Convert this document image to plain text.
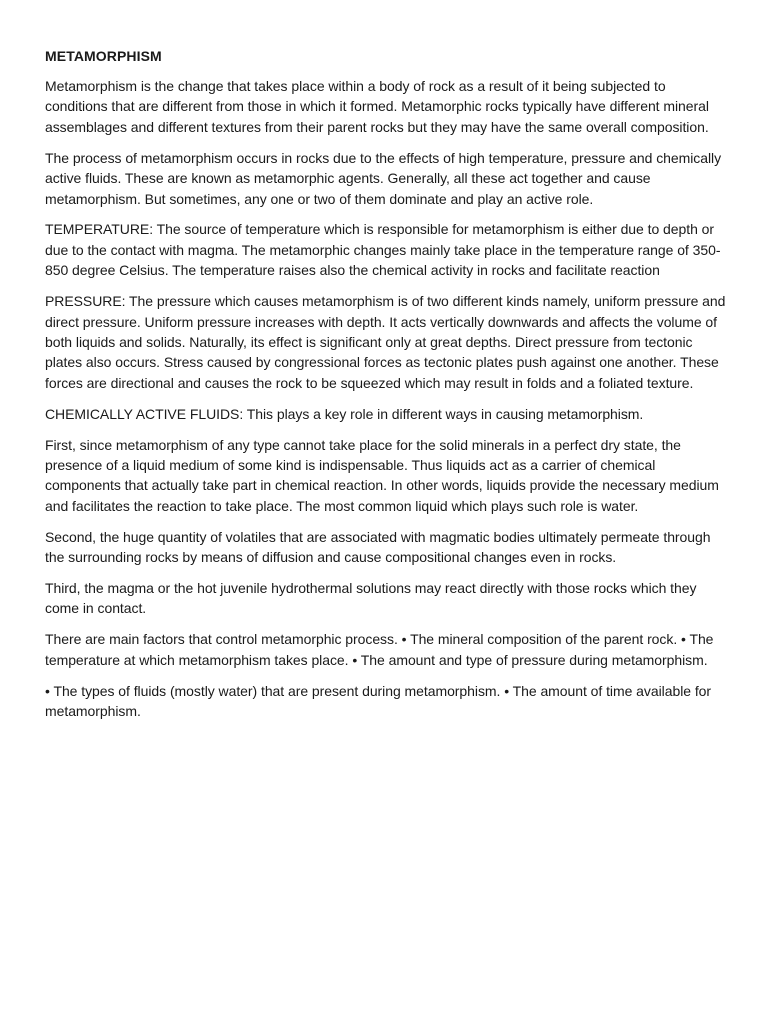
METAMORPHISM

Metamorphism is the change that takes place within a body of rock as a result of it being subjected to conditions that are different from those in which it formed. Metamorphic rocks typically have different mineral assemblages and different textures from their parent rocks but they may have the same overall composition.

The process of metamorphism occurs in rocks due to the effects of high temperature, pressure and chemically active fluids. These are known as metamorphic agents. Generally, all these act together and cause metamorphism. But sometimes, any one or two of them dominate and play an active role.

TEMPERATURE: The source of temperature which is responsible for metamorphism is either due to depth or due to the contact with magma. The metamorphic changes mainly take place in the temperature range of 350-850 degree Celsius. The temperature raises also the chemical activity in rocks and facilitate reaction

PRESSURE: The pressure which causes metamorphism is of two different kinds namely, uniform pressure and direct pressure. Uniform pressure increases with depth. It acts vertically downwards and affects the volume of both liquids and solids. Naturally, its effect is significant only at great depths. Direct pressure from tectonic plates also occurs. Stress caused by congressional forces as tectonic plates push against one another. These forces are directional and causes the rock to be squeezed which may result in folds and a foliated texture.

CHEMICALLY ACTIVE FLUIDS: This plays a key role in different ways in causing metamorphism.

First, since metamorphism of any type cannot take place for the solid minerals in a perfect dry state, the presence of a liquid medium of some kind is indispensable. Thus liquids act as a carrier of chemical components that actually take part in chemical reaction. In other words, liquids provide the necessary medium and facilitates the reaction to take place. The most common liquid which plays such role is water.

Second, the huge quantity of volatiles that are associated with magmatic bodies ultimately permeate through the surrounding rocks by means of diffusion and cause compositional changes even in rocks.

Third, the magma or the hot juvenile hydrothermal solutions may react directly with those rocks which they come in contact.

There are main factors that control metamorphic process. • The mineral composition of the parent rock. • The temperature at which metamorphism takes place. • The amount and type of pressure during metamorphism.

• The types of fluids (mostly water) that are present during metamorphism. • The amount of time available for metamorphism.
